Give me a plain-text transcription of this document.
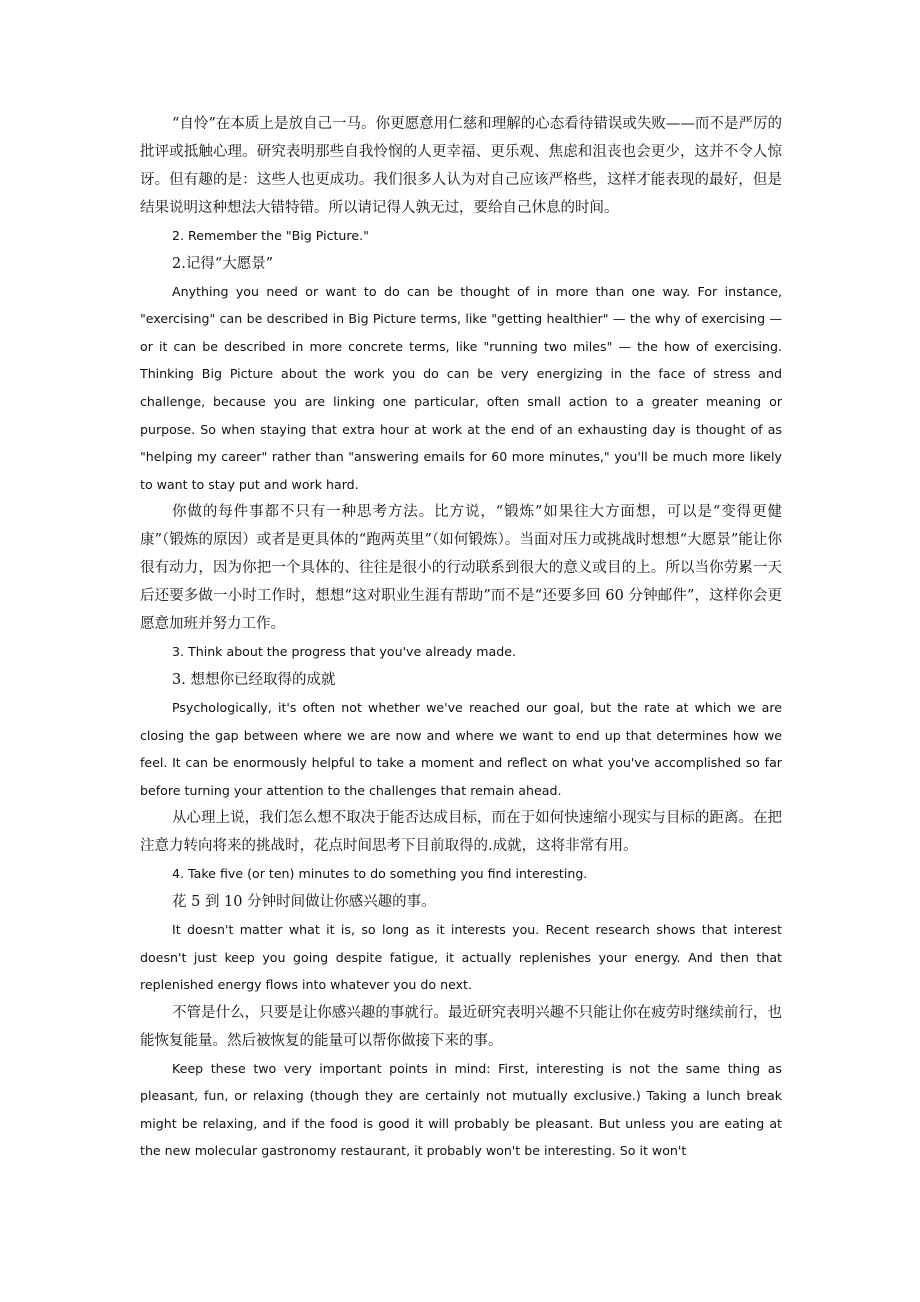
“自怜”在本质上是放自己一马。你更愿意用仁慈和理解的心态看待错误或失败——而不是严厉的批评或抵触心理。研究表明那些自我怜悯的人更幸福、更乐观、焦虑和沮丧也会更少，这并不令人惊讶。但有趣的是：这些人也更成功。我们很多人认为对自己应该严格些，这样才能表现的最好，但是结果说明这种想法大错特错。所以请记得人孰无过，要给自己休息的时间。

2. Remember the "Big Picture."

2.记得“大愿景”

Anything you need or want to do can be thought of in more than one way. For instance, "exercising" can be described in Big Picture terms, like "getting healthier" — the why of exercising — or it can be described in more concrete terms, like "running two miles" — the how of exercising. Thinking Big Picture about the work you do can be very energizing in the face of stress and challenge, because you are linking one particular, often small action to a greater meaning or purpose. So when staying that extra hour at work at the end of an exhausting day is thought of as "helping my career" rather than "answering emails for 60 more minutes," you'll be much more likely to want to stay put and work hard.

你做的每件事都不只有一种思考方法。比方说，“锻炼”如果往大方面想，可以是“变得更健康”（锻炼的原因）或者是更具体的“跑两英里”（如何锻炼）。当面对压力或挑战时想想“大愿景”能让你很有动力，因为你把一个具体的、往往是很小的行动联系到很大的意义或目的上。所以当你劳累一天后还要多做一小时工作时，想想“这对职业生涯有帮助”而不是“还要多回 60 分钟邮件”，这样你会更愿意加班并努力工作。

3. Think about the progress that you've already made.

3. 想想你已经取得的成就

Psychologically, it's often not whether we've reached our goal, but the rate at which we are closing the gap between where we are now and where we want to end up that determines how we feel. It can be enormously helpful to take a moment and reflect on what you've accomplished so far before turning your attention to the challenges that remain ahead.

从心理上说，我们怎么想不取决于能否达成目标，而在于如何快速缩小现实与目标的距离。在把注意力转向将来的挑战时，花点时间思考下目前取得的.成就，这将非常有用。

4. Take five (or ten) minutes to do something you find interesting.

花 5 到 10 分钟时间做让你感兴趣的事。

It doesn't matter what it is, so long as it interests you. Recent research shows that interest doesn't just keep you going despite fatigue, it actually replenishes your energy. And then that replenished energy flows into whatever you do next.

不管是什么，只要是让你感兴趣的事就行。最近研究表明兴趣不只能让你在疲劳时继续前行，也能恢复能量。然后被恢复的能量可以帮你做接下来的事。

Keep these two very important points in mind: First, interesting is not the same thing as pleasant, fun, or relaxing (though they are certainly not mutually exclusive.) Taking a lunch break might be relaxing, and if the food is good it will probably be pleasant. But unless you are eating at the new molecular gastronomy restaurant, it probably won't be interesting. So it won't
